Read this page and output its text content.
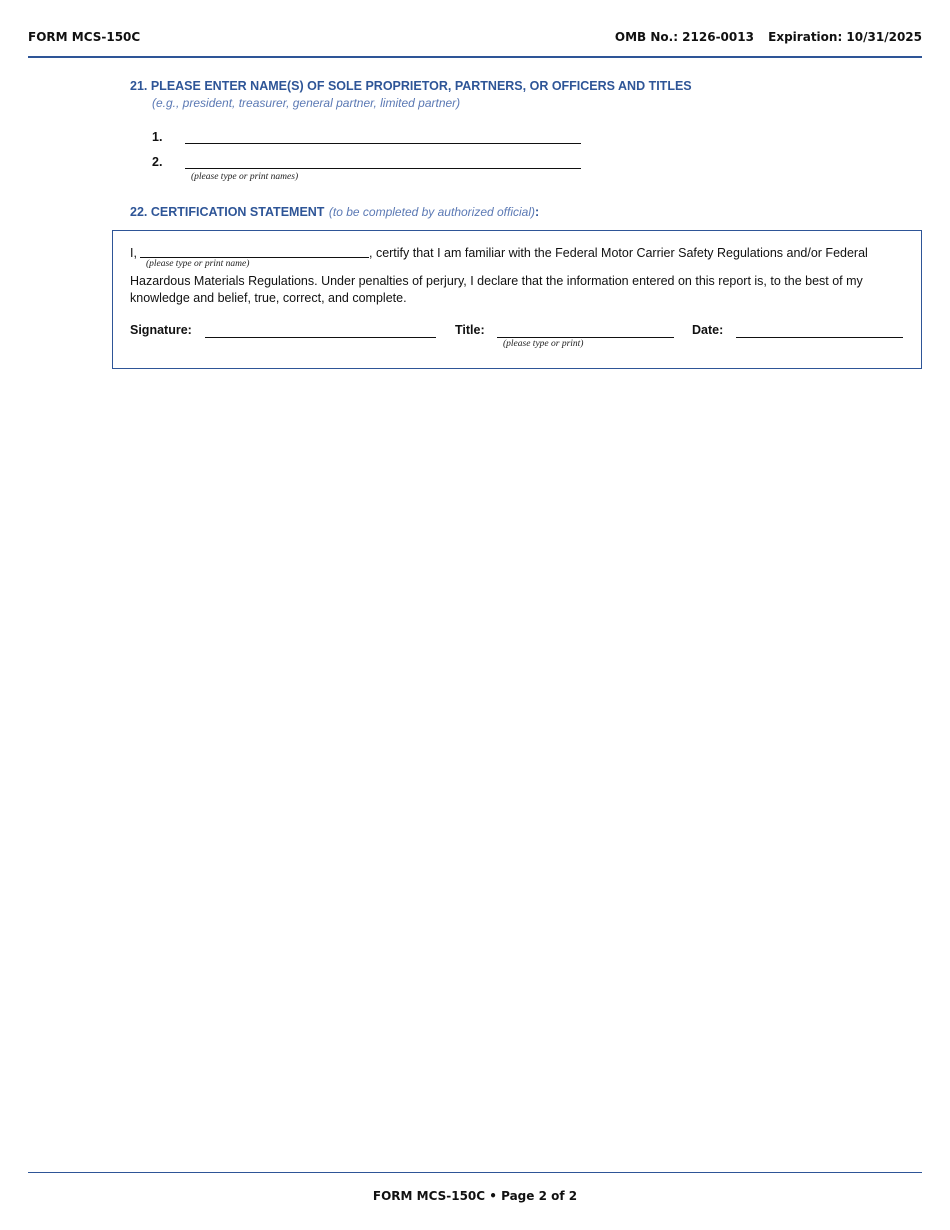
FORM MCS-150C	OMB No.: 2126-0013 Expiration: 10/31/2025
21. PLEASE ENTER NAME(S) OF SOLE PROPRIETOR, PARTNERS, OR OFFICERS AND TITLES
(e.g., president, treasurer, general partner, limited partner)
1.
2.
(please type or print names)
22. CERTIFICATION STATEMENT (to be completed by authorized official):
I,
(please type or print name)
, certify that I am familiar with the Federal Motor Carrier Safety Regulations and/or Federal
Hazardous Materials Regulations. Under penalties of perjury, I declare that the information entered on this report is, to the best of my
knowledge and belief, true, correct, and complete.
Signature:	Title:
(please type or print)
Date:
FORM MCS-150C • Page 2 of 2
